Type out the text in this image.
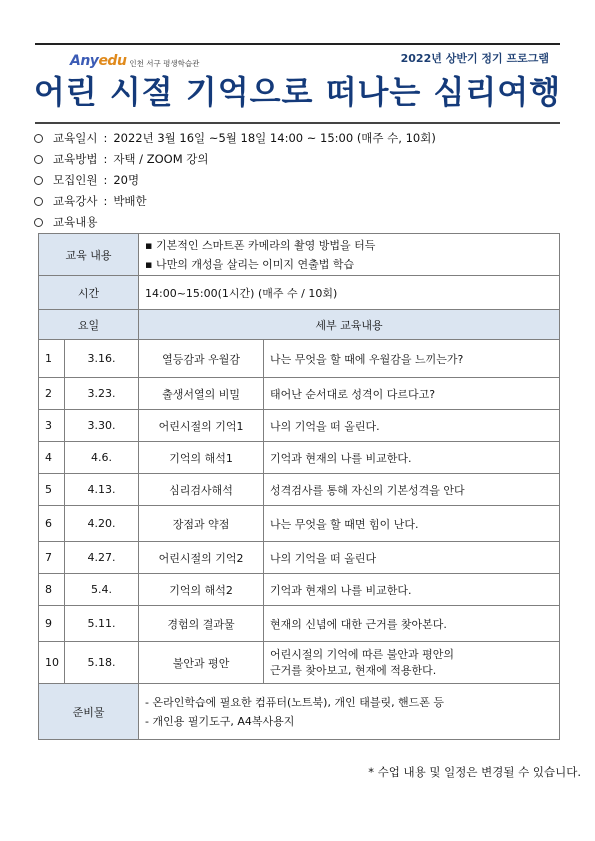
Anyedu 인천 서구 평생학습관	2022년 상반기 정기 프로그램
어린 시절 기억으로 떠나는 심리여행
교육일시 : 2022년 3월 16일 ~5월 18일 14:00 ~ 15:00 (매주 수, 10회)
교육방법 : 자택 / ZOOM 강의
모집인원 : 20명
교육강사 : 박배한
교육내용
교육 내용		▪ 기본적인 스마트폰 카메라의 촬영 방법을 터득
▪ 나만의 개성을 살리는 이미지 연출법 학습	

시간		14:00~15:00(1시간) (매주 수 / 10회)	
요일		세부 교육내용	
1	3.16.	열등감과 우월감	나는 무엇을 할 때에 우월감을 느끼는가?
2	3.23.	출생서열의 비밀	태어난 순서대로 성격이 다르다고?
3	3.30.	어린시절의 기억1	나의 기억을 떠 올린다.
4	4.6.	기억의 해석1	기억과 현재의 나를 비교한다.
5	4.13.	심리검사해석	성격검사를 통해 자신의 기본성격을 안다
6	4.20.	장점과 약점	나는 무엇을 할 때면 힘이 난다.
7	4.27.	어린시절의 기억2	나의 기억을 떠 올린다
8	5.4.	기억의 해석2	기억과 현재의 나를 비교한다.
9	5.11.	경험의 결과물	현재의 신념에 대한 근거를 찾아본다.
10	5.18.	불안과 평안	어린시절의 기억에 따른 불안과 평안의
근거를 찾아보고, 현재에 적용한다.

준비물		- 온라인학습에 필요한 컴퓨터(노트북), 개인 태블릿, 핸드폰 등
- 개인용 필기도구, A4복사용지	
* 수업 내용 및 일정은 변경될 수 있습니다.
